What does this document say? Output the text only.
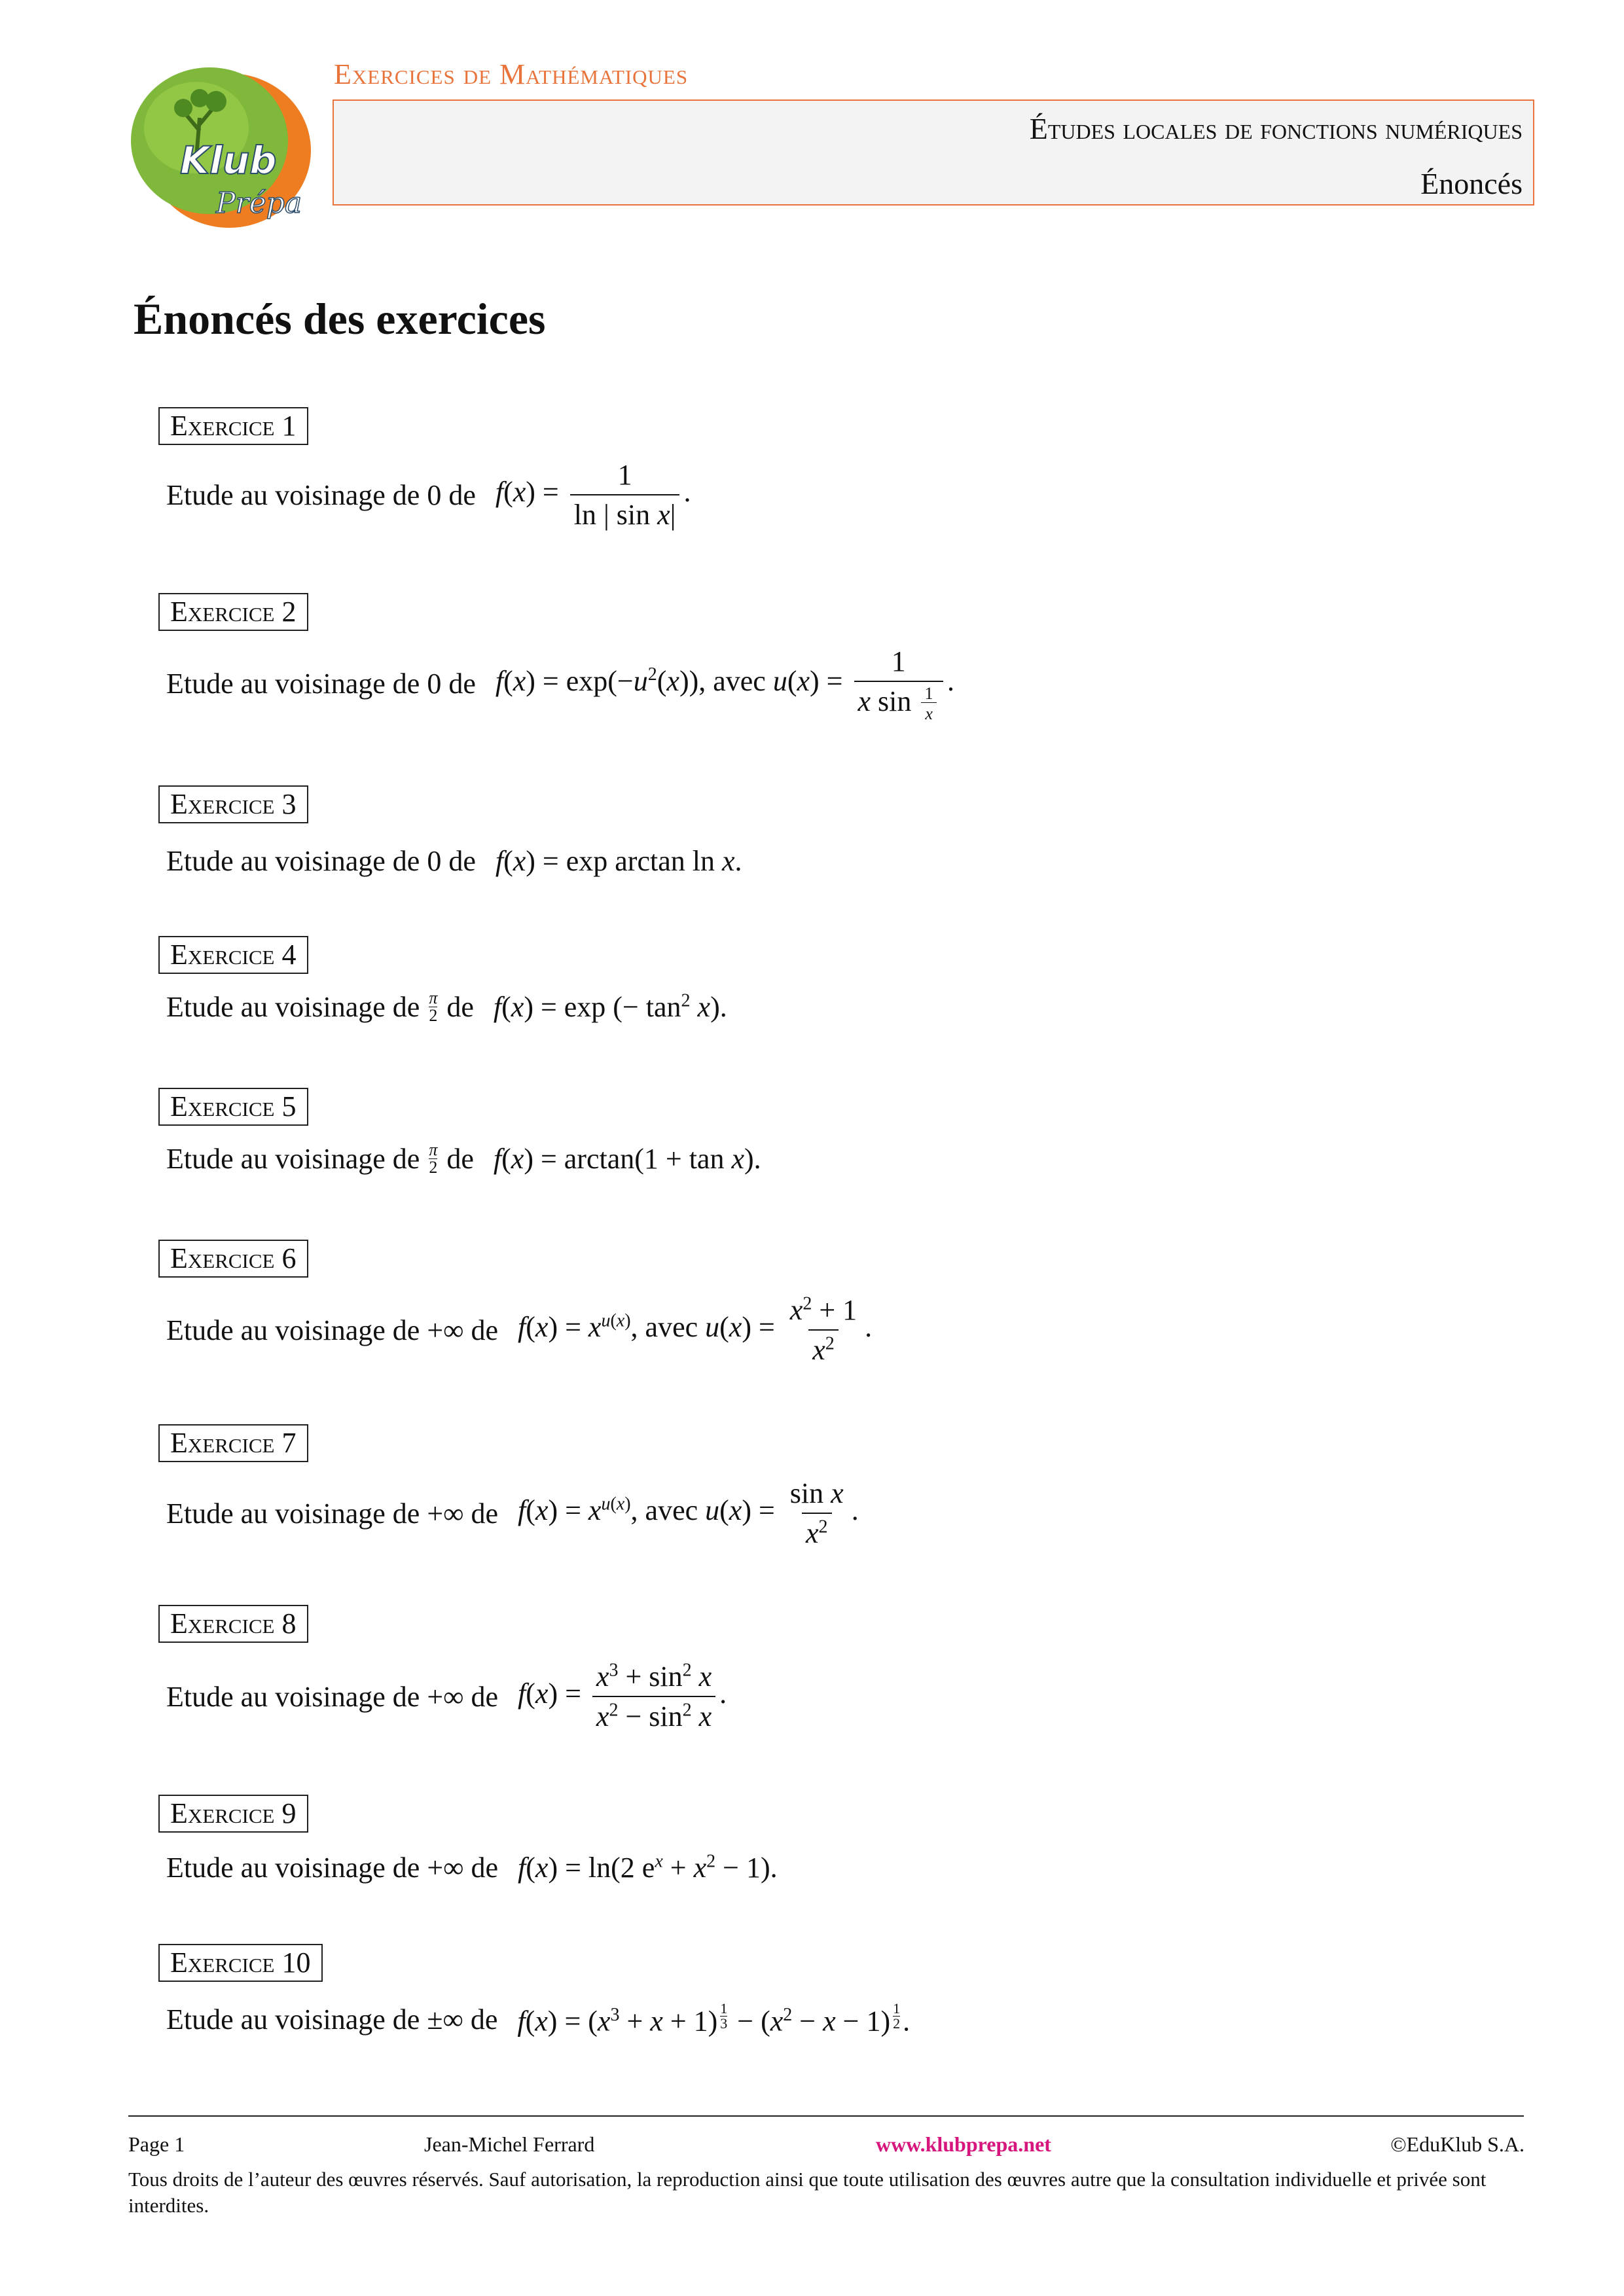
Klub
Prépa
Exercices de Mathématiques
Études locales de fonctions numériques
Énoncés
Énoncés des exercices
Exercice 1
Etude au voisinage de 0 de $f(x) = \frac{1}{\text{ln | sin x|}}$ .
Exercice 2
Etude au voisinage de 0 de $f(x) = \exp(-u^2(x))$, avec $u(x) = \frac{1}{x \sin \frac{1}{x}}$ .
Exercice 3
Etude au voisinage de 0 de f(x) = exp arctan ln x.
Exercice 4
Etude au voisinage de π
2 de f(x) = exp (− $\tan^2 x$).
Exercice 5
Etude au voisinage de π
2 de f(x) = arctan(1 + tan x).
Exercice 6
Etude au voisinage de +∞ de $f(x) = x^{u(x)}$, avec $u(x) = \frac{x^2 + 1}{x^2}$ .
Exercice 7
Etude au voisinage de +∞ de $f(x) = x^{u(x)}$, avec $u(x) = \frac{\text{sin x}}{x^2}$ .
Exercice 8
Etude au voisinage de +∞ de $f(x) = \frac{x^3 + \sin^2 x}{x^2 - \sin^2 x}$ .
Exercice 9
Etude au voisinage de +∞ de f(x) = ln(2 $e^x + x^2 - 1$).
Exercice 10
Etude au voisinage de ±∞ de $f(x) = (x^3 + x + 1) ^{\frac{1}{3}} - (x^2 - x - 1)$ $^{\frac{1}{2}}$ .
Page 1	Jean-Michel Ferrard	www.klubprepa.net	©EduKlub S.A.
Tous droits de l’auteur des œuvres réservés. Sauf autorisation, la reproduction ainsi que toute utilisation des œuvres autre que la consultation individuelle et privée sont interdites.
